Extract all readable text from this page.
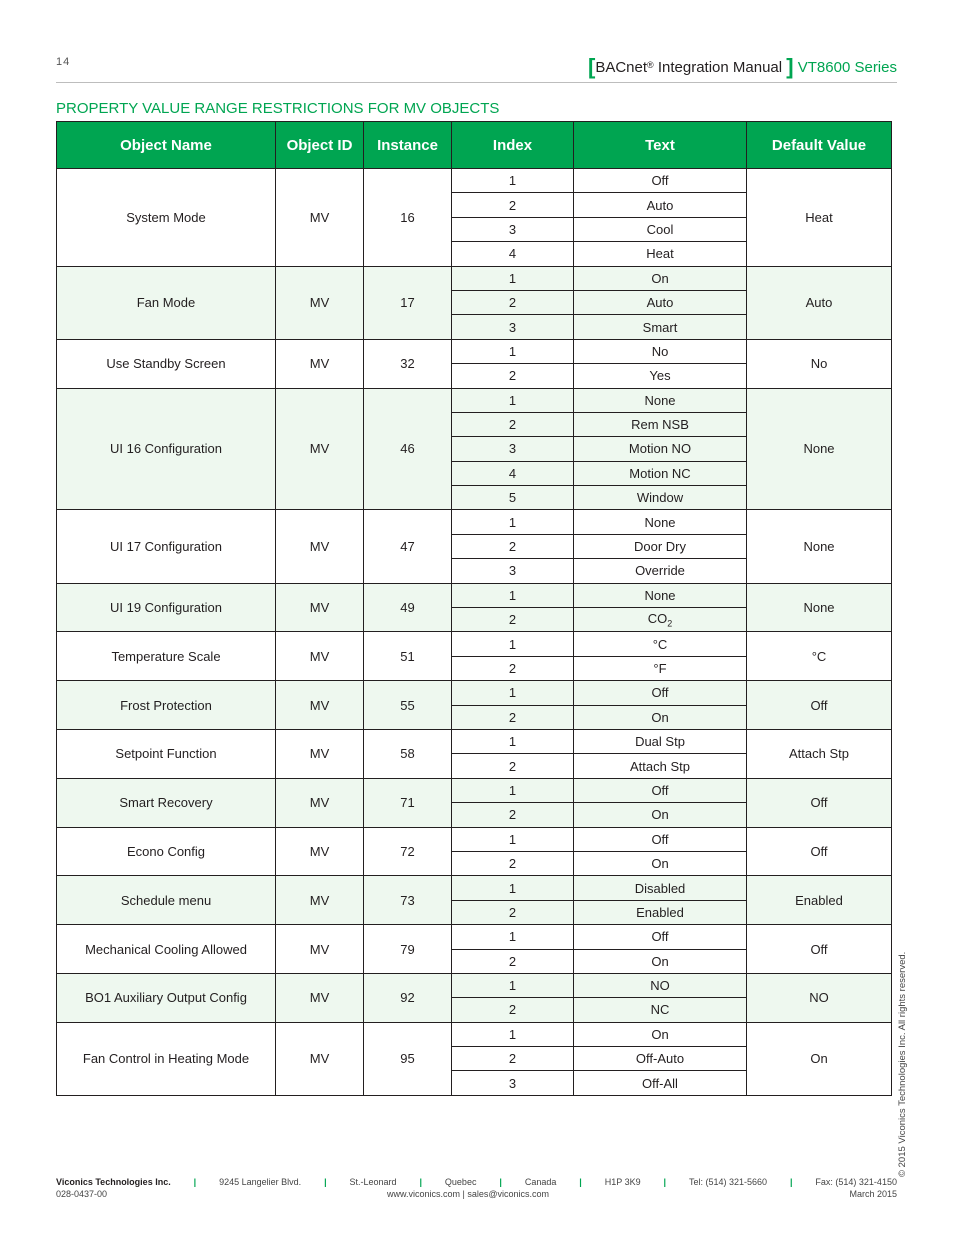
14	[BACnet® Integration Manual ] VT8600 Series
PROPERTY VALUE RANGE RESTRICTIONS FOR MV OBJECTS
Object Name	Object ID	Instance	Index	Text	Default Value
System Mode	MV	16	1	Off	Heat
			2	Auto	
			3	Cool	
			4	Heat	
Fan Mode	MV	17	1	On	Auto
			2	Auto	
			3	Smart	
Use Standby Screen	MV	32	1	No	No
			2	Yes	
UI 16 Configuration	MV	46	1	None	None
			2	Rem NSB	
			3	Motion NO	
			4	Motion NC	
			5	Window	
UI 17 Configuration	MV	47	1	None	None
			2	Door Dry	
			3	Override	
UI 19 Configuration	MV	49	1	None	None
			2	$CO_2$
Temperature Scale	MV	51	1	°C	°C
			2	°F	
Frost Protection	MV	55	1	Off	Off
			2	On	
Setpoint Function	MV	58	1	Dual Stp	Attach Stp
			2	Attach Stp	
Smart Recovery	MV	71	1	Off	Off
			2	On	
Econo Config	MV	72	1	Off	Off
			2	On	
Schedule menu	MV	73	1	Disabled	Enabled
			2	Enabled	
Mechanical Cooling Allowed	MV	79	1	Off	Off
			2	On	
BO1 Auxiliary Output Config	MV	92	1	NO	NO
			2	NC	
Fan Control in Heating Mode	MV	95	1	On	On
			2	Off-Auto	
			3	Off-All		© 2015 Viconics Technologies Inc. All rights reserved.
Viconics Technologies Inc.	|	9245 Langelier Blvd.	|	St.-Leonard	|	Quebec	|	Canada	|	H1P 3K9	|	Tel: (514) 321-5660	|	Fax: (514) 321-4150
028-0437-00	www.viconics.com | sales@viconics.com	March 2015
